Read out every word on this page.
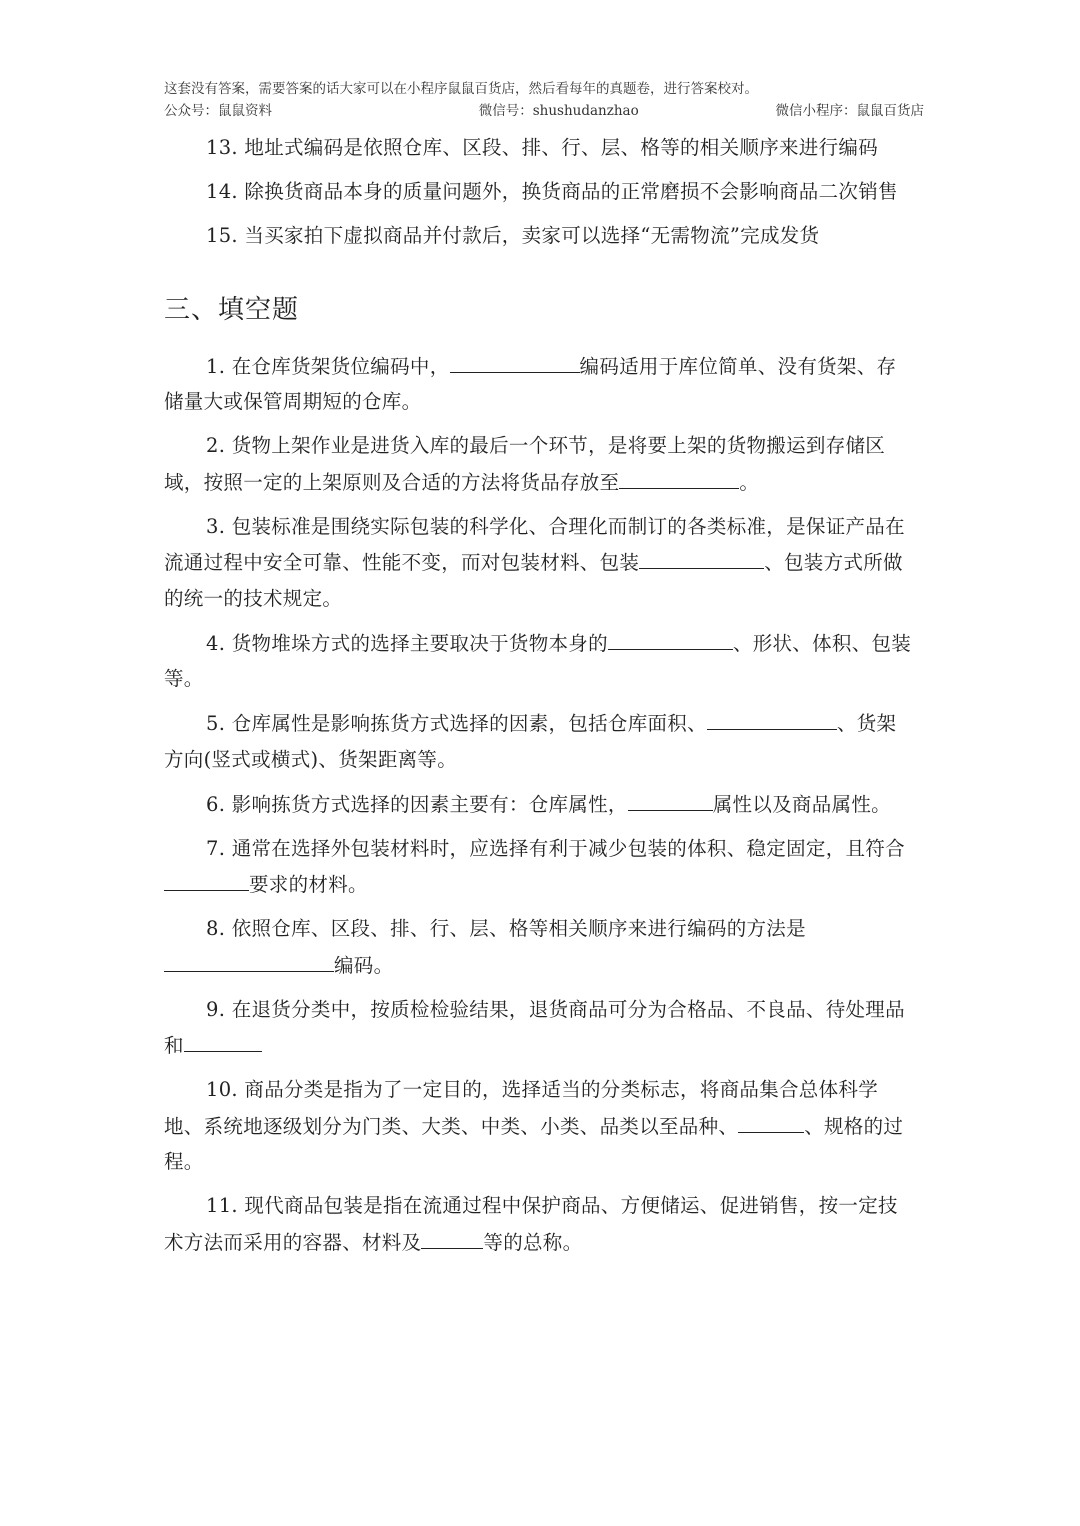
这套没有答案，需要答案的话大家可以在小程序鼠鼠百货店，然后看每年的真题卷，进行答案校对。
公众号：鼠鼠资料	微信号：shushudanzhao	微信小程序：鼠鼠百货店

13. 地址式编码是依照仓库、区段、排、行、层、格等的相关顺序来进行编码

14. 除换货商品本身的质量问题外，换货商品的正常磨损不会影响商品二次销售

15. 当买家拍下虚拟商品并付款后，卖家可以选择“无需物流”完成发货

三、填空题

1. 在仓库货架货位编码中，	编码适用于库位简单、没有货架、存储量大或保管周期短的仓库。

2. 货物上架作业是进货入库的最后一个环节，是将要上架的货物搬运到存储区域，按照一定的上架原则及合适的方法将货品存放至	。

3. 包装标准是围绕实际包装的科学化、合理化而制订的各类标准，是保证产品在流通过程中安全可靠、性能不变，而对包装材料、包装	、包装方式所做的统一的技术规定。

4. 货物堆垛方式的选择主要取决于货物本身的	、形状、体积、包装等。

5. 仓库属性是影响拣货方式选择的因素，包括仓库面积、	、货架方向(竖式或横式)、货架距离等。

6. 影响拣货方式选择的因素主要有：仓库属性，	属性以及商品属性。

7. 通常在选择外包装材料时，应选择有利于减少包装的体积、稳定固定，且符合要求的材料。

8. 依照仓库、区段、排、行、层、格等相关顺序来进行编码的方法是编码。

9. 在退货分类中，按质检检验结果，退货商品可分为合格品、不良品、待处理品和

10. 商品分类是指为了一定目的，选择适当的分类标志，将商品集合总体科学地、系统地逐级划分为门类、大类、中类、小类、品类以至品种、	、规格的过程。

11. 现代商品包装是指在流通过程中保护商品、方便储运、促进销售，按一定技术方法而采用的容器、材料及	等的总称。
